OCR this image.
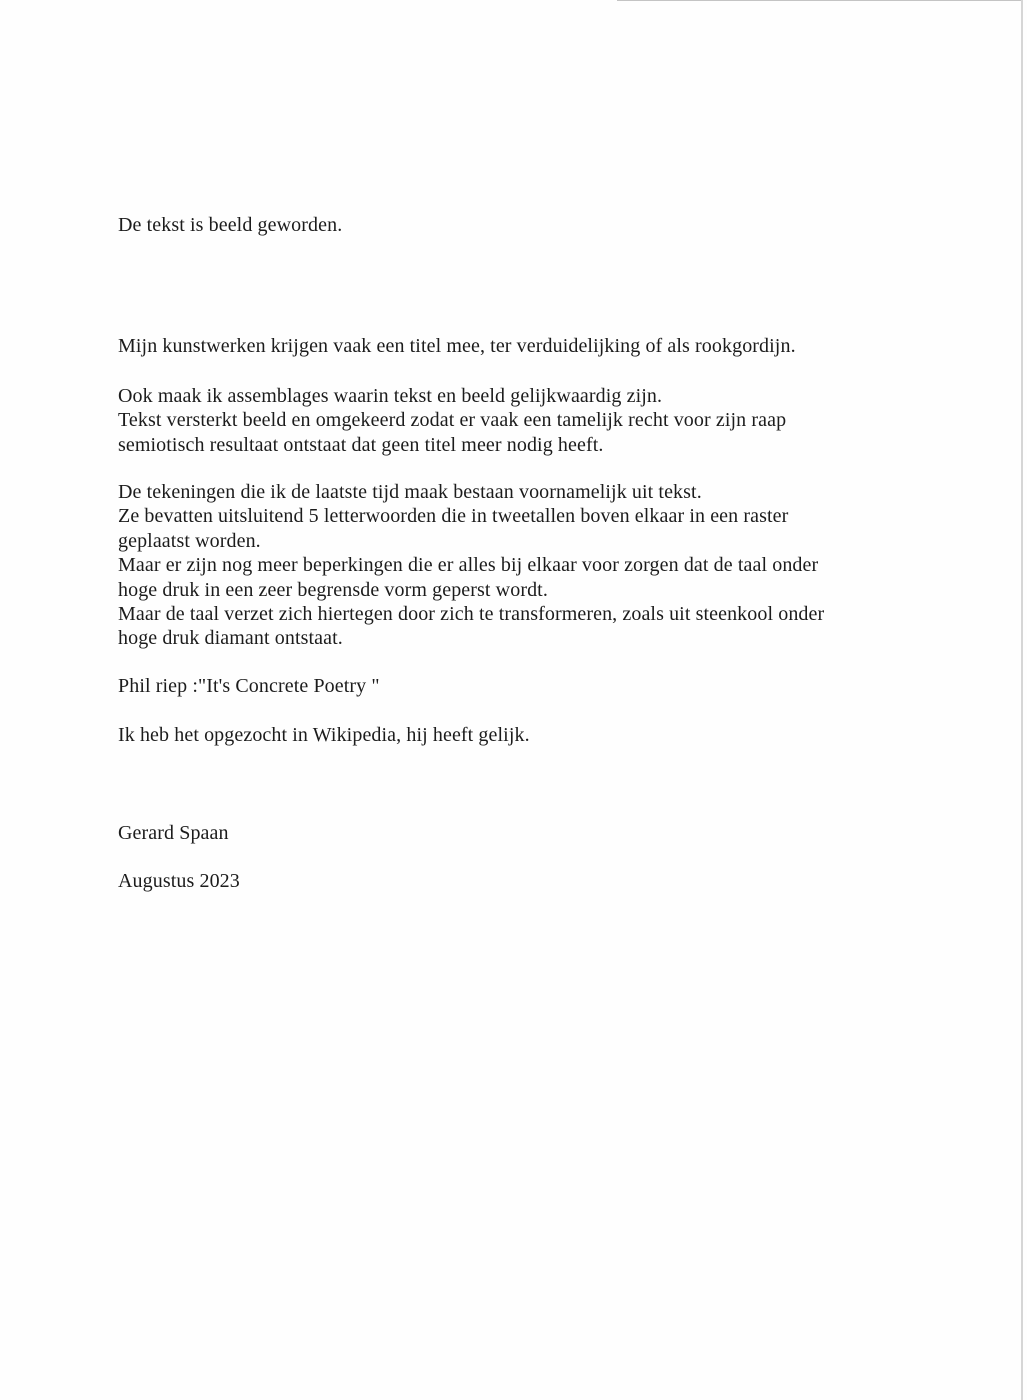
De tekst is beeld geworden.

Mijn kunstwerken krijgen vaak een titel mee, ter verduidelijking of als rookgordijn.

Ook maak ik assemblages waarin tekst en beeld gelijkwaardig zijn.
Tekst versterkt beeld en omgekeerd zodat er vaak een tamelijk recht voor zijn raap
semiotisch resultaat ontstaat dat geen titel meer nodig heeft.

De tekeningen die ik de laatste tijd maak bestaan voornamelijk uit tekst.
Ze bevatten uitsluitend 5 letterwoorden die in tweetallen boven elkaar in een raster
geplaatst worden.
Maar er zijn nog meer beperkingen die er alles bij elkaar voor zorgen dat de taal onder
hoge druk in een zeer begrensde vorm geperst wordt.
Maar de taal verzet zich hiertegen door zich te transformeren, zoals uit steenkool onder
hoge druk diamant ontstaat.

Phil riep :"It's Concrete Poetry "

Ik heb het opgezocht in Wikipedia, hij heeft gelijk.

Gerard Spaan

Augustus 2023
